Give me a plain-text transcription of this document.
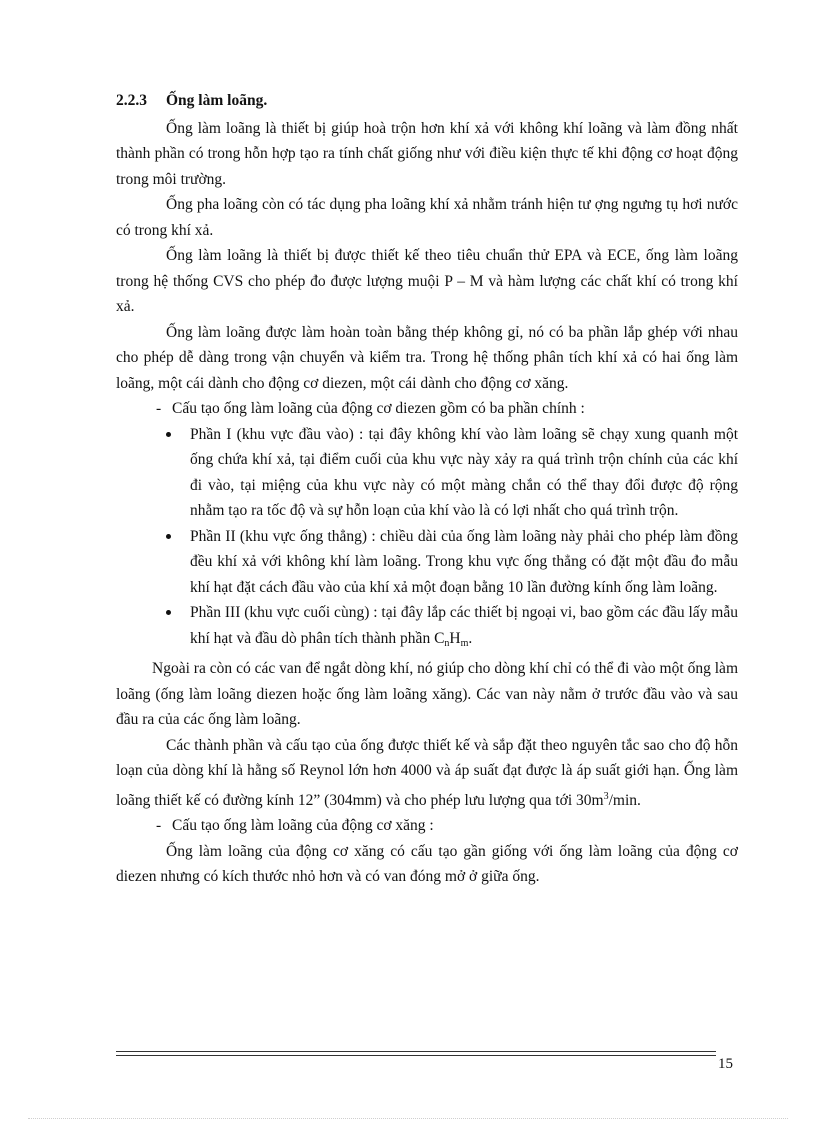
2.2.3 Ống làm loãng.

Ống làm loãng là thiết bị giúp hoà trộn hơn khí xả với không khí loãng và làm đồng nhất thành phần có trong hỗn hợp tạo ra tính chất giống như với điều kiện thực tế khi động cơ hoạt động trong môi trường.

Ống pha loãng còn có tác dụng pha loãng khí xả nhằm tránh hiện tư ợng ngưng tụ hơi nước có trong khí xả.

Ống làm loãng là thiết bị được thiết kế theo tiêu chuẩn thử EPA và ECE, ống làm loãng trong hệ thống CVS cho phép đo được lượng muội P – M và hàm lượng các chất khí có trong khí xả.

Ống làm loãng được làm hoàn toàn bằng thép không gỉ, nó có ba phần lắp ghép với nhau cho phép dễ dàng trong vận chuyển và kiểm tra. Trong hệ thống phân tích khí xả có hai ống làm loãng, một cái dành cho động cơ diezen, một cái dành cho động cơ xăng.

- Cấu tạo ống làm loãng của động cơ diezen gồm có ba phần chính :

Phần I (khu vực đầu vào) : tại đây không khí vào làm loãng sẽ chạy xung quanh một ống chứa khí xả, tại điểm cuối của khu vực này xảy ra quá trình trộn chính của các khí đi vào, tại miệng của khu vực này có một màng chắn có thể thay đổi được độ rộng nhằm tạo ra tốc độ và sự hỗn loạn của khí vào là có lợi nhất cho quá trình trộn.
Phần II (khu vực ống thẳng) : chiều dài của ống làm loãng này phải cho phép làm đồng đều khí xả với không khí làm loãng. Trong khu vực ống thẳng có đặt một đầu đo mẫu khí hạt đặt cách đầu vào của khí xả một đoạn bằng 10 lần đường kính ống làm loãng.
Phần III (khu vực cuối cùng) : tại đây lắp các thiết bị ngoại vi, bao gồm các đầu lấy mẫu khí hạt và đầu dò phân tích thành phần $C_nH_m$.

Ngoài ra còn có các van để ngắt dòng khí, nó giúp cho dòng khí chỉ có thể đi vào một ống làm loãng (ống làm loãng diezen hoặc ống làm loãng xăng). Các van này nằm ở trước đầu vào và sau đầu ra của các ống làm loãng.

Các thành phần và cấu tạo của ống được thiết kế và sắp đặt theo nguyên tắc sao cho độ hỗn loạn của dòng khí là hằng số Reynol lớn hơn 4000 và áp suất đạt được là áp suất giới hạn. Ống làm loãng thiết kế có đường kính 12” (304mm) và cho phép lưu lượng qua tới $30m^3/\min$.

- Cấu tạo ống làm loãng của động cơ xăng :

Ống làm loãng của động cơ xăng có cấu tạo gần giống với ống làm loãng của động cơ diezen nhưng có kích thước nhỏ hơn và có van đóng mở ở giữa ống.

15
